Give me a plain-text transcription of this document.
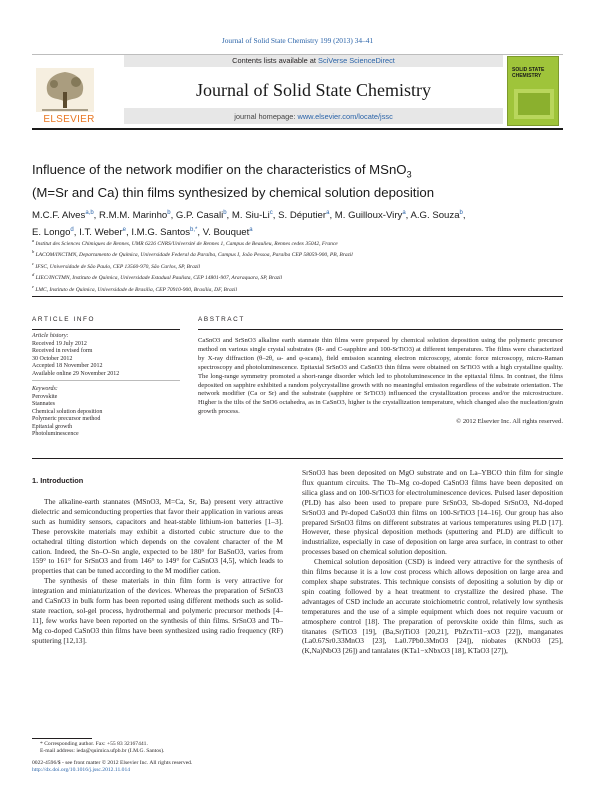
Journal of Solid State Chemistry 199 (2013) 34–41
Contents lists available at SciVerse ScienceDirect
Journal of Solid State Chemistry
journal homepage: www.elsevier.com/locate/jssc
ELSEVIER
SOLID STATE
CHEMISTRY
Influence of the network modifier on the characteristics of MSnO$_3$
(M=Sr and Ca) thin films synthesized by chemical solution deposition
M.C.F. Alves$^{a,b}$, R.M.M. Marinho$^b$, G.P. Casali$^b$, M. Siu-Li$^c$, S. Députier$^a$, M. Guilloux-Viry$^a$, A.G. Souza$^b$,
E. Longo$^d$, I.T. Weber$^e$, I.M.G. Santos$^{b,*}$, V. Bouquet$^a$
$^a$ Institut des Sciences Chimiques de Rennes, UMR 6226 CNRS/Université de Rennes 1, Campus de Beaulieu, Rennes cedex 35042, France
$^b$ LACOM/INCTMN, Departamento de Química, Universidade Federal da Paraíba, Campus I, João Pessoa, Paraíba CEP 58059-900, PB, Brazil
$^c$ IFSC, Universidade de São Paulo, CEP 13560-970, São Carlos, SP, Brazil
$^d$ LIEC/INCTMN, Instituto de Química, Universidade Estadual Paulista, CEP 14801-907, Araraquara, SP, Brazil
$^e$ LMC, Instituto de Química, Universidade de Brasília, CEP 70910-900, Brasília, DF, Brazil
ARTICLE INFO
Article history:
Received 19 July 2012
Received in revised form
30 October 2012
Accepted 18 November 2012
Available online 29 November 2012
Keywords:
Perovskite
Stannates
Chemical solution deposition
Polymeric precursor method
Epitaxial growth
Photoluminescence
ABSTRACT
CaSnO3 and SrSnO3 alkaline earth stannate thin films were prepared by chemical solution deposition using the polymeric precursor method on various single crystal substrates (R- and C-sapphire and 100-SrTiO3) at different temperatures. The films were characterized by X-ray diffraction (θ–2θ, ω- and φ-scans), field emission scanning electron microscopy, atomic force microscopy, micro-Raman spectroscopy and photoluminescence. Epitaxial SrSnO3 and CaSnO3 thin films were obtained on SrTiO3 with a high crystalline quality. The long-range symmetry promoted a short-range disorder which led to photoluminescence in the epitaxial films. In contrast, the films deposited on sapphire exhibited a random polycrystalline growth with no meaningful emission regardless of the substrate orientation. The network modifier (Ca or Sr) and the substrate (sapphire or SrTiO3) influenced the crystallization process and/or the microstructure. Higher is the tilts of the SnO6 octahedra, as in CaSnO3, higher is the crystallization temperature, which changed also the nucleation/grain growth process.
© 2012 Elsevier Inc. All rights reserved.
1. Introduction

The alkaline-earth stannates (MSnO3, M=Ca, Sr, Ba) present very attractive dielectric and semiconducting properties that favor their application in various areas such as humidity sensors, capacitors and heat-stable lithium-ion batteries [1–3]. These perovskite materials may exhibit a distorted cubic structure due to the octahedral tilting distortion which depends on the covalent character of the M cation. Indeed, the Sn–O–Sn angle, expected to be 180° for BaSnO3, varies from 159° to 161° for SrSnO3 and from 146° to 149° for CaSnO3 [4,5], which leads to properties that can be tuned according to the M modifier cation.

The synthesis of these materials in thin film form is very attractive for integration and miniaturization of the devices. Whereas the preparation of SrSnO3 and CaSnO3 in bulk form has been reported using different methods such as solid-state reaction, sol-gel process, hydrothermal and polymeric precursor methods [4–11], few works have been reported on the synthesis of thin films. SrSnO3 and Tb–Mg co-doped CaSnO3 thin films have been synthesized using radio frequency (RF) sputtering [12,13].

SrSnO3 has been deposited on MgO substrate and on La–YBCO thin film for single flux quantum circuits. The Tb–Mg co-doped CaSnO3 films have been deposited on silica glass and on 100-SrTiO3 for electroluminescence devices. Pulsed laser deposition (PLD) has also been used to prepare pure SrSnO3, Sb-doped SrSnO3, Nd-doped SrSnO3 and Pr-doped CaSnO3 thin films on 100-SrTiO3 [14–16]. Our group has also prepared SrSnO3 films on different substrates at various temperatures using PLD [17]. However, these physical deposition methods (sputtering and PLD) are difficult to industrialize, especially in case of deposition on large area surface, in contrast to other processes based on chemical solution deposition.

Chemical solution deposition (CSD) is indeed very attractive for the synthesis of thin films because it is a low cost process which allows deposition on large area and complex shape substrates. This technique consists of depositing a solution by dip or spin coating followed by a heat treatment to crystallize the desired phase. The advantages of CSD include an accurate stoichiometric control, relatively low synthesis temperatures and the use of a simple equipment which does not require vacuum or atmosphere control [18]. The preparation of perovskite oxide thin films, such as titanates (SrTiO3 [19], (Ba,Sr)TiO3 [20,21], PbZrxTi1−xO3 [22]), manganates (La0.67Sr0.33MnO3 [23], La0.7Pb0.3MnO3 [24]), niobates (KNbO3 [25], (K,Na)NbO3 [26]) and tantalates (KTa1−xNbxO3 [18], KTaO3 [27]),

* Corresponding author. Fax: +55 83 32167441.
E-mail address: ieda@quimica.ufpb.br (I.M.G. Santos).
0022-4596/$ - see front matter © 2012 Elsevier Inc. All rights reserved.
http://dx.doi.org/10.1016/j.jssc.2012.11.014
